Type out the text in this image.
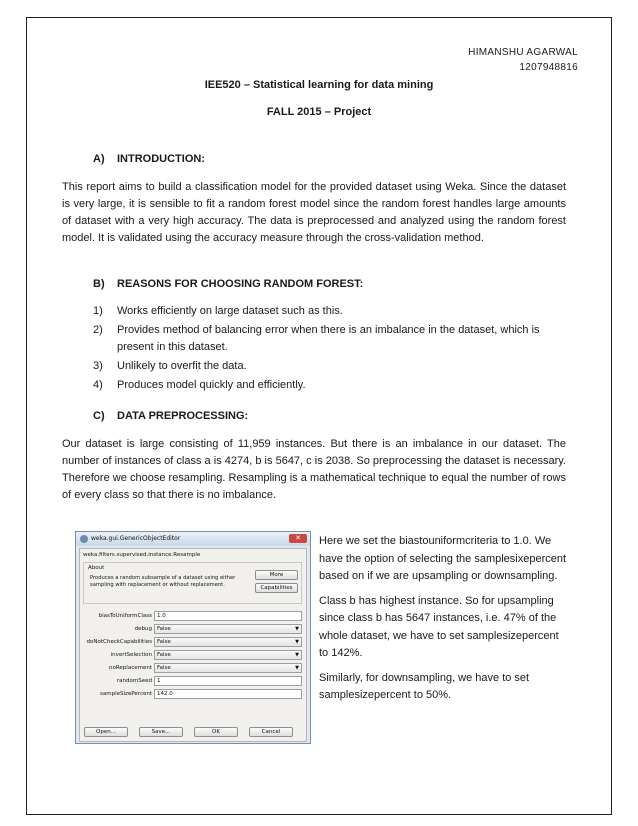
HIMANSHU AGARWAL
1207948816
IEE520 – Statistical learning for data mining
FALL 2015 – Project
A) INTRODUCTION:

This report aims to build a classification model for the provided dataset using Weka. Since the dataset is very large, it is sensible to fit a random forest model since the random forest handles large amounts of dataset with a very high accuracy. The data is preprocessed and analyzed using the random forest model. It is validated using the accuracy measure through the cross-validation method.

B) REASONS FOR CHOOSING RANDOM FOREST:
1) Works efficiently on large dataset such as this.
2) Provides method of balancing error when there is an imbalance in the dataset, which is present in this dataset.
3) Unlikely to overfit the data.
4) Produces model quickly and efficiently.
C) DATA PREPROCESSING:

Our dataset is large consisting of 11,959 instances. But there is an imbalance in our dataset. The number of instances of class a is 4274, b is 5647, c is 2038. So preprocessing the dataset is necessary. Therefore we choose resampling. Resampling is a mathematical technique to equal the number of rows of every class so that there is no imbalance.

weka.gui.GenericObjectEditor	✕
weka.filters.supervised.instance.Resample
About
Produces a random subsample of a dataset using either sampling with replacement or without replacement.
More
Capabilities
biasToUniformClass 1.0
debug False	▼
doNotCheckCapabilities False	▼
invertSelection False	▼
noReplacement False	▼
randomSeed 1
sampleSizePercent 142.0
Open...	Save...	OK	Cancel

Here we set the biastouniformcriteria to 1.0. We have the option of selecting the samplesixepercent based on if we are upsampling or downsampling.

Class b has highest instance. So for upsampling since class b has 5647 instances, i.e. 47% of the whole dataset, we have to set samplesizepercent to 142%.

Similarly, for downsampling, we have to set samplesizepercent to 50%.
